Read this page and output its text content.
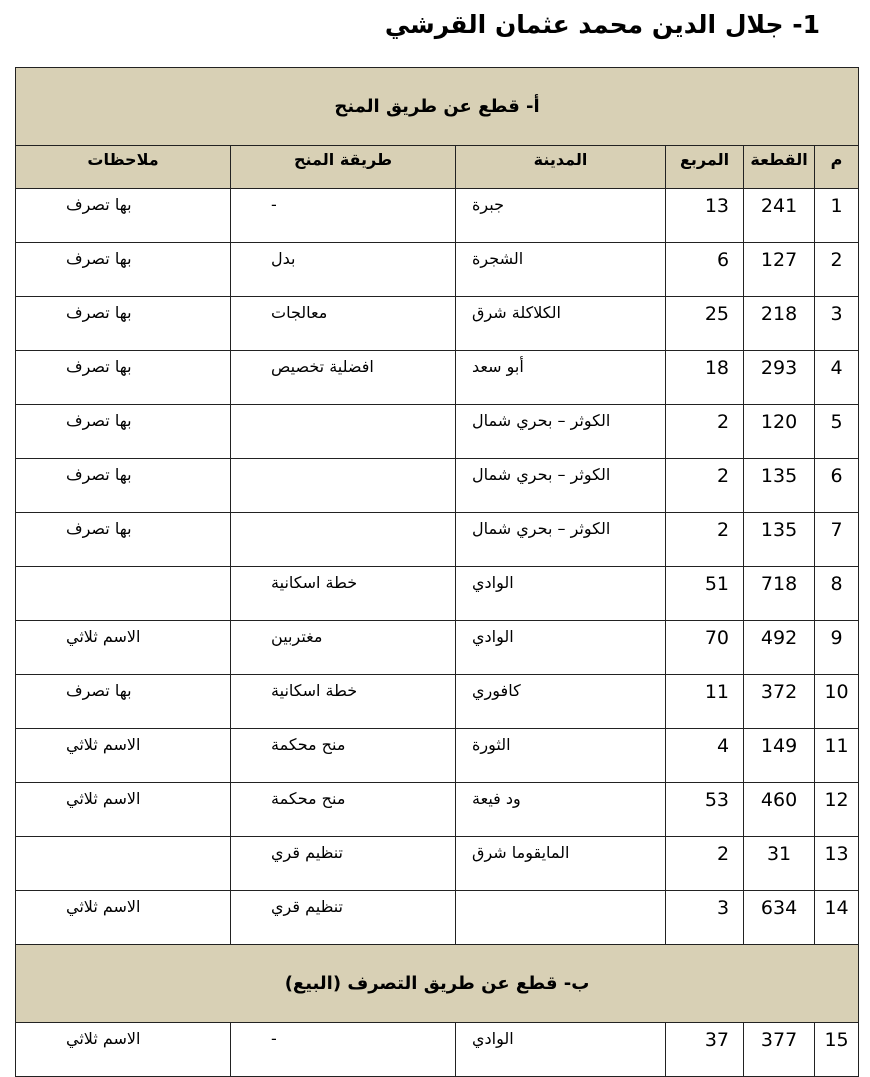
1- جلال الدين محمد عثمان القرشي
أ- قطع عن طريق المنح					
م	القطعة	المربع	المدينة	طريقة المنح	ملاحظات
1	241	13	جبرة	-	بها تصرف
2	127	6	الشجرة	بدل	بها تصرف
3	218	25	الكلاكلة شرق	معالجات	بها تصرف
4	293	18	أبو سعد	افضلية تخصيص	بها تصرف
5	120	2	الكوثر – بحري شمال		بها تصرف
6	135	2	الكوثر – بحري شمال		بها تصرف
7	135	2	الكوثر – بحري شمال		بها تصرف
8	718	51	الوادي	خطة اسكانية	
9	492	70	الوادي	مغتربين	الاسم ثلاثي
10	372	11	كافوري	خطة اسكانية	بها تصرف
11	149	4	الثورة	منح محكمة	الاسم ثلاثي
12	460	53	ود فيعة	منح محكمة	الاسم ثلاثي
13	31	2	المايقوما شرق	تنظيم قري	
14	634	3		تنظيم قري	الاسم ثلاثي
ب- قطع عن طريق التصرف (البيع)					
15	377	37	الوادي	-	الاسم ثلاثي
